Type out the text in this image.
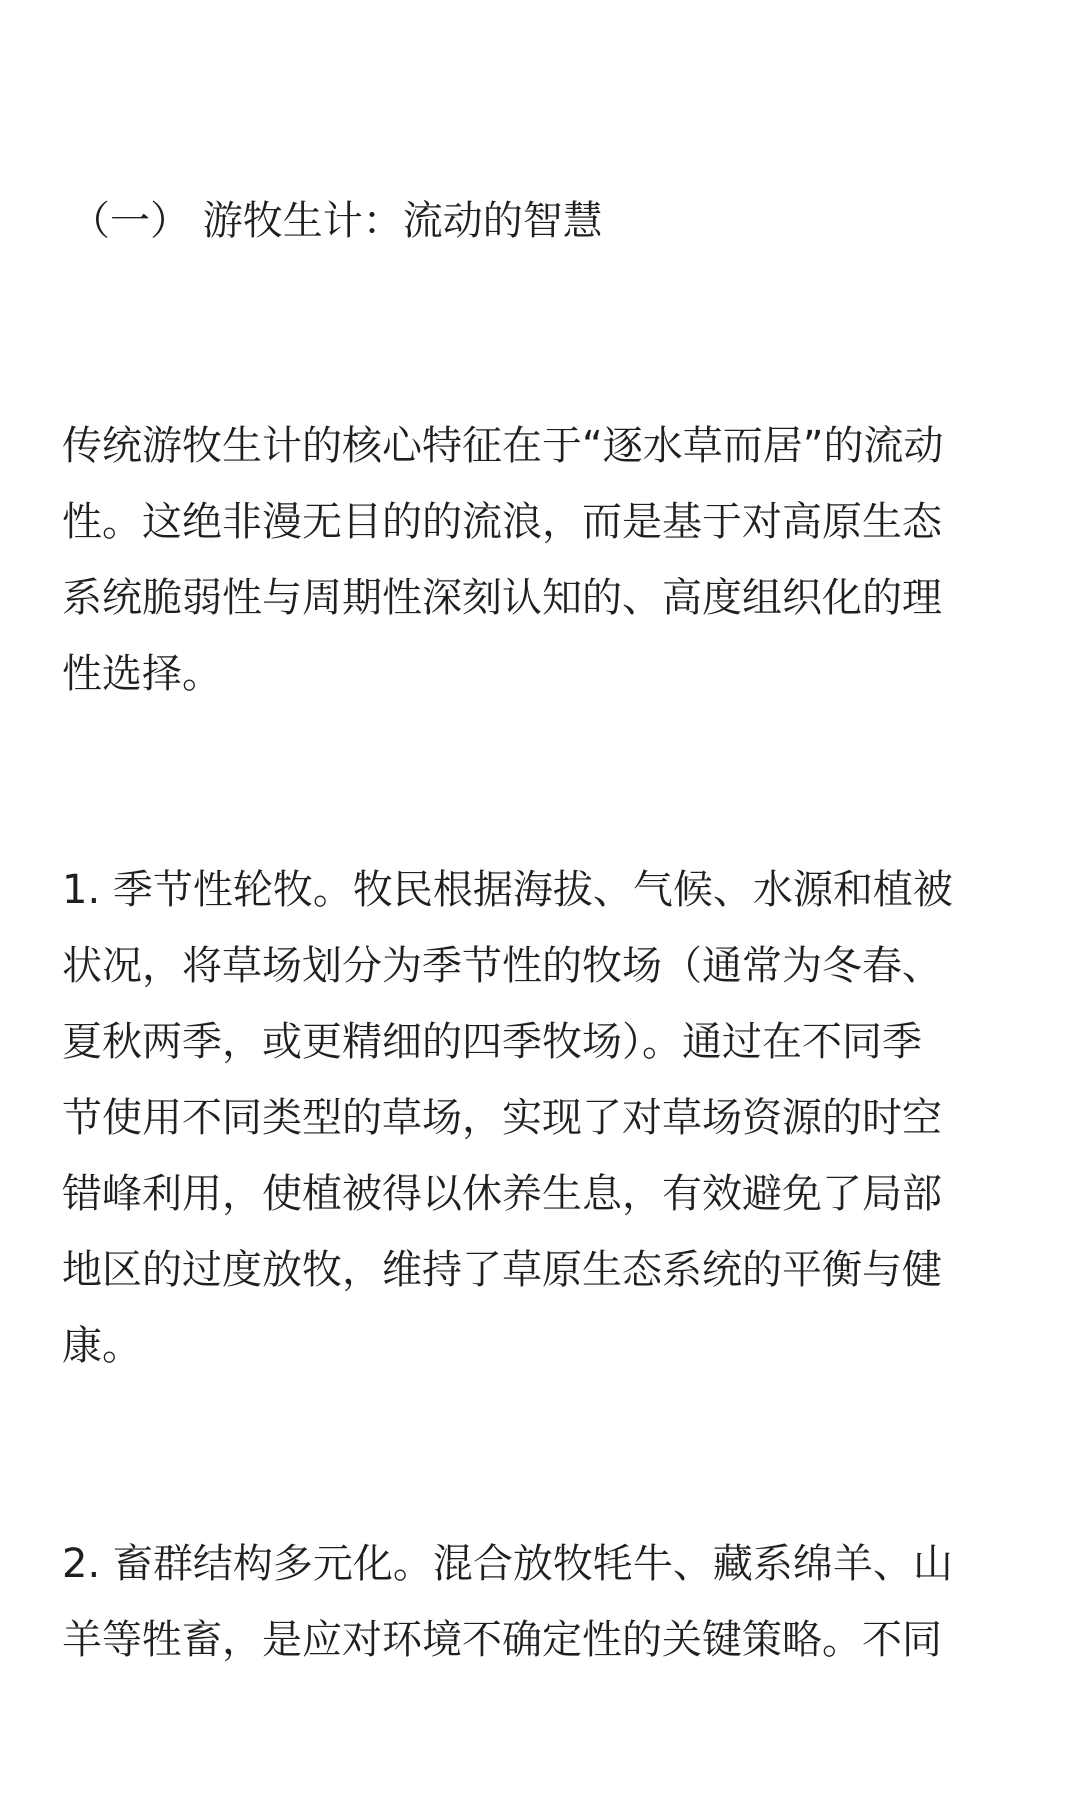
（一） 游牧生计：流动的智慧

传统游牧生计的核心特征在于“逐水草而居”的流动
性。这绝非漫无目的的流浪，而是基于对高原生态
系统脆弱性与周期性深刻认知的、高度组织化的理
性选择。

1. 季节性轮牧。牧民根据海拔、气候、水源和植被
状况，将草场划分为季节性的牧场（通常为冬春、
夏秋两季，或更精细的四季牧场）。通过在不同季
节使用不同类型的草场，实现了对草场资源的时空
错峰利用，使植被得以休养生息，有效避免了局部
地区的过度放牧，维持了草原生态系统的平衡与健
康。

2. 畜群结构多元化。混合放牧牦牛、藏系绵羊、山
羊等牲畜，是应对环境不确定性的关键策略。不同
